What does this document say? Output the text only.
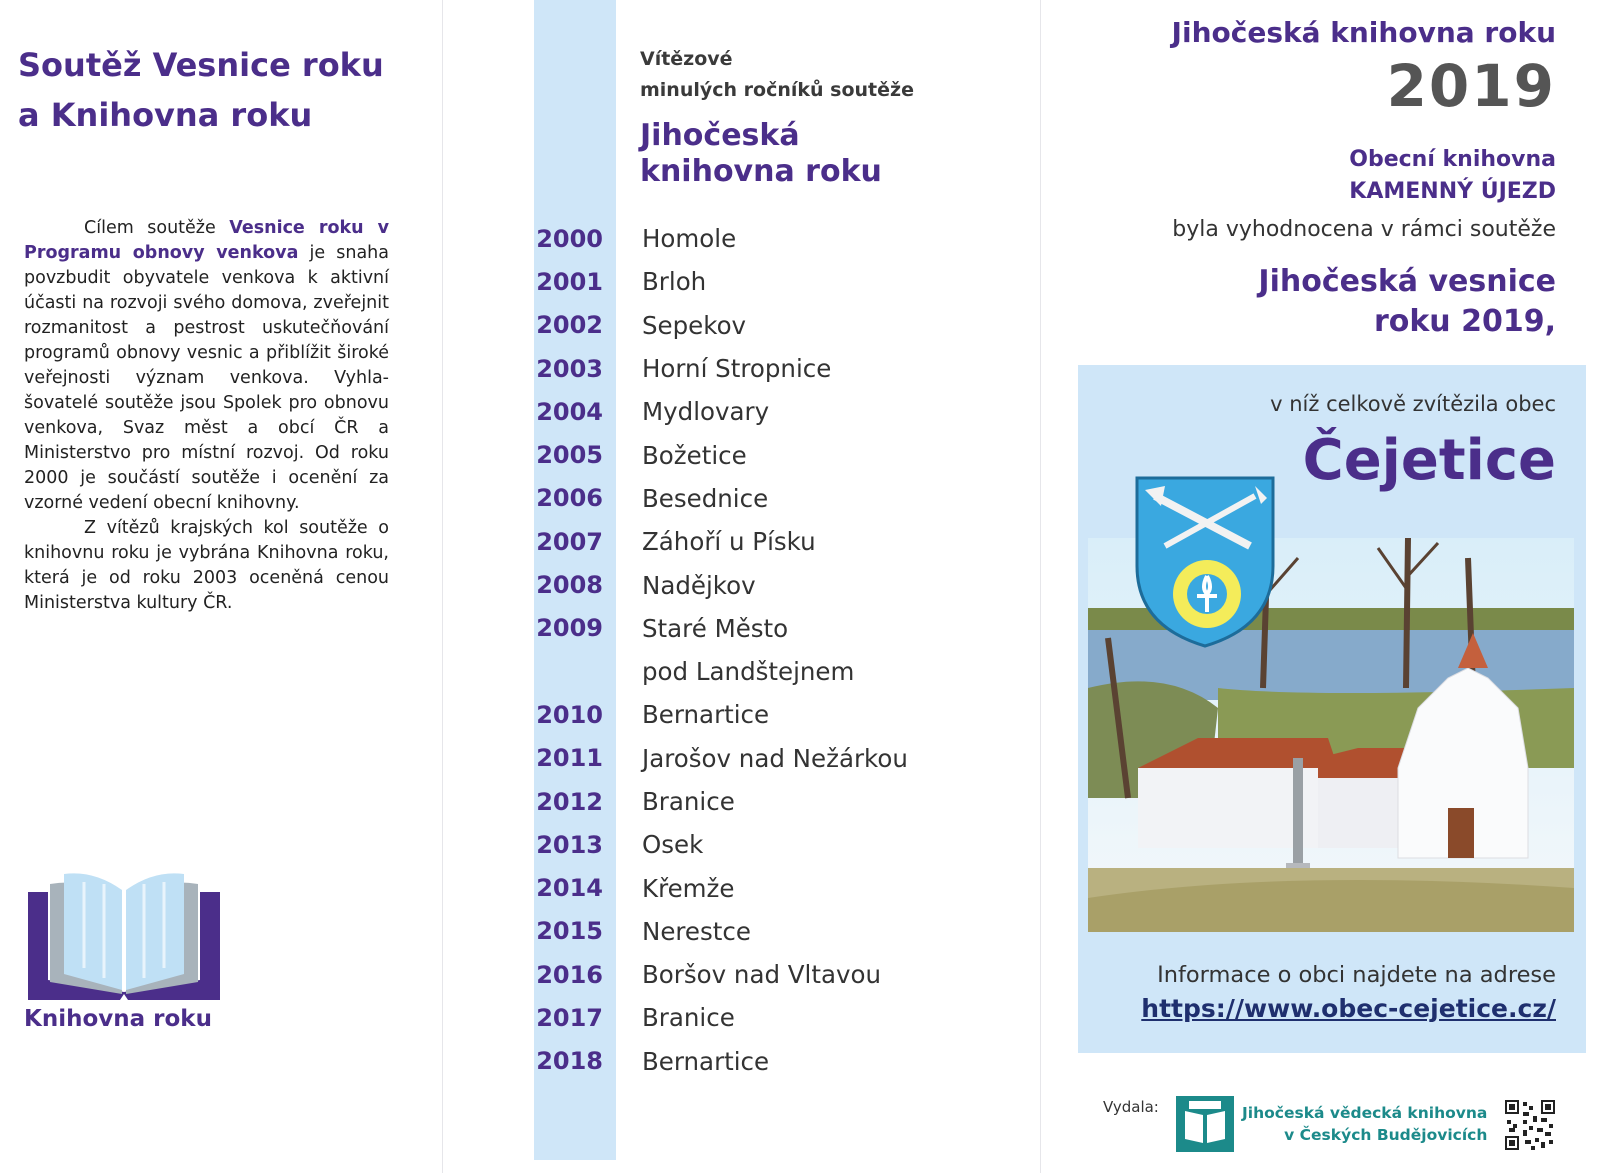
Soutěž Vesnice roku
a Knihovna roku

Cílem soutěže Vesnice roku v Programu obnovy venkova je snaha povzbudit obyvatele venkova k aktivní účasti na rozvoji svého domova, zveřejnit rozmanitost a pestrost uskutečňování programů obnovy vesnic a přiblížit široké veřejnosti význam venkova. Vyhlašovatelé soutěže jsou Spolek pro obnovu venkova, Svaz měst a obcí ČR a Ministerstvo pro místní rozvoj. Od roku 2000 je součástí soutěže i ocenění za vzorné vedení obecní knihovny.

Z vítězů krajských kol soutěže o knihovnu roku je vybrána Knihovna roku, která je od roku 2003 oceněná cenou Ministerstva kultury ČR.

Knihovna roku
Vítězové
minulých ročníků soutěže
Jihočeská
knihovna roku
2000	Homole
2001	Brloh
2002	Sepekov
2003	Horní Stropnice
2004	Mydlovary
2005	Božetice
2006	Besednice
2007	Záhoří u Písku
2008	Nadějkov
2009	Staré Město
pod Landštejnem
2010	Bernartice
2011	Jarošov nad Nežárkou
2012	Branice
2013	Osek
2014	Křemže
2015	Nerestce
2016	Boršov nad Vltavou
2017	Branice
2018	Bernartice
Jihočeská knihovna roku
2019
Obecní knihovna
KAMENNÝ ÚJEZD
byla vyhodnocena v rámci soutěže
Jihočeská vesnice
roku 2019,
v níž celkově zvítězila obec
Čejetice
Informace o obci najdete na adrese
https://www.obec-cejetice.cz/
Vydala:	Jihočeská vědecká knihovna
v Českých Budějovicích
